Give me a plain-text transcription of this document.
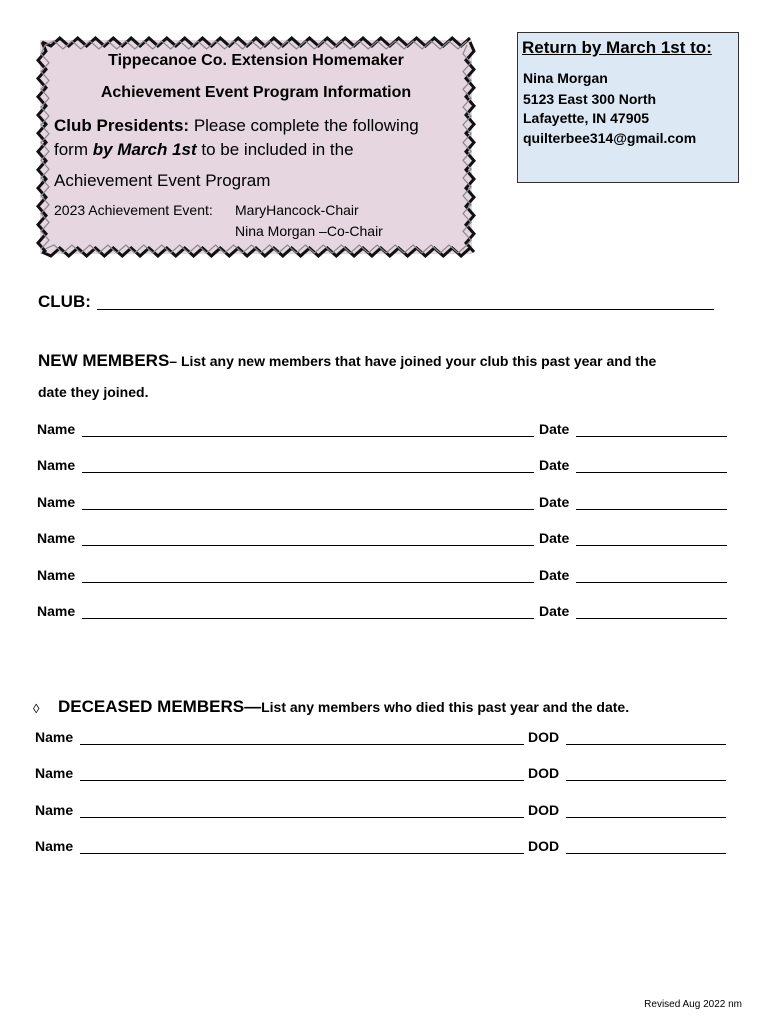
Tippecanoe Co. Extension Homemaker
Achievement Event Program Information
Club Presidents: Please complete the following
form by March 1st to be included in the
Achievement Event Program
2023 Achievement Event: MaryHancock-Chair
Nina Morgan –Co-Chair
Return by March 1st to:
Nina Morgan
5123 East 300 North
Lafayette, IN 47905
quilterbee314@gmail.com
CLUB:
NEW MEMBERS– List any new members that have joined your club this past year and the
date they joined.
Name	Date
Name	Date
Name	Date
Name	Date
Name	Date
Name	Date
◊ DECEASED MEMBERS—List any members who died this past year and the date.
Name	DOD
Name	DOD
Name	DOD
Name	DOD
Revised Aug 2022 nm
